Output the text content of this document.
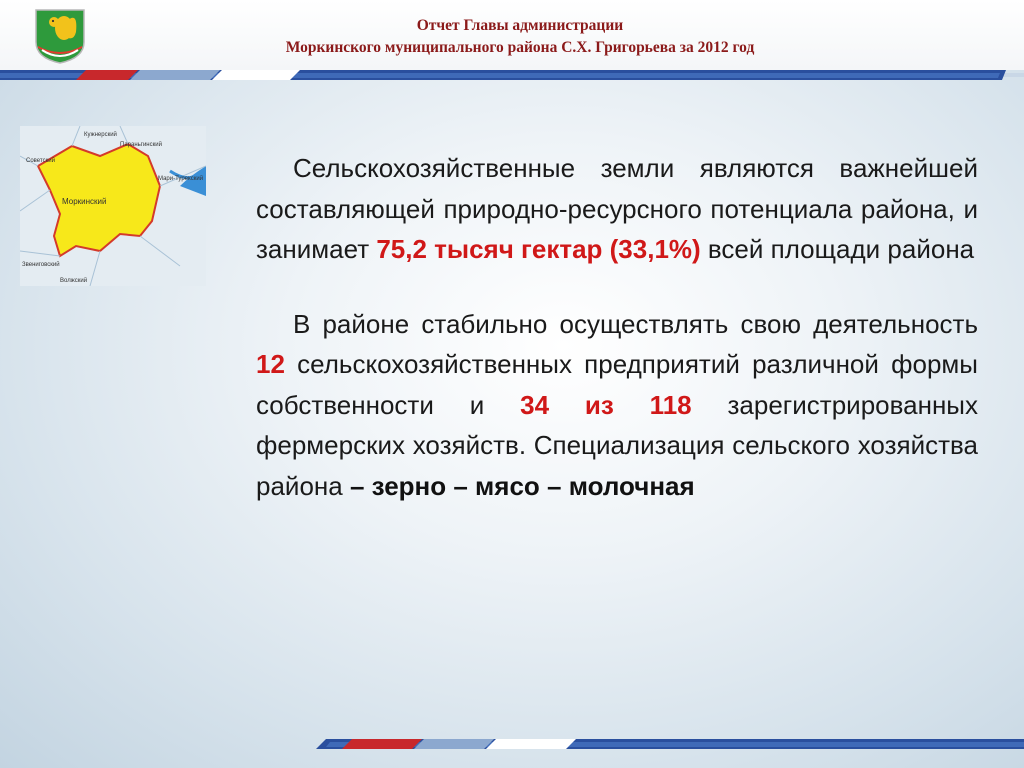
Отчет Главы администрации
Моркинского муниципального района С.Х. Григорьева за 2012 год
Моркинский
Советский
Кужнерский
Параньгинский
Мари-Турекский
Звениговский
Волжский

Сельскохозяйственные земли являются важнейшей составляющей природно-ресурсного потенциала района, и занимает 75,2 тысяч гектар (33,1%) всей площади района

В районе стабильно осуществлять свою деятельность 12 сельскохозяйственных предприятий различной формы собственности и 34 из 118 зарегистрированных фермерских хозяйств. Специализация сельского хозяйства района – зерно – мясо – молочная
